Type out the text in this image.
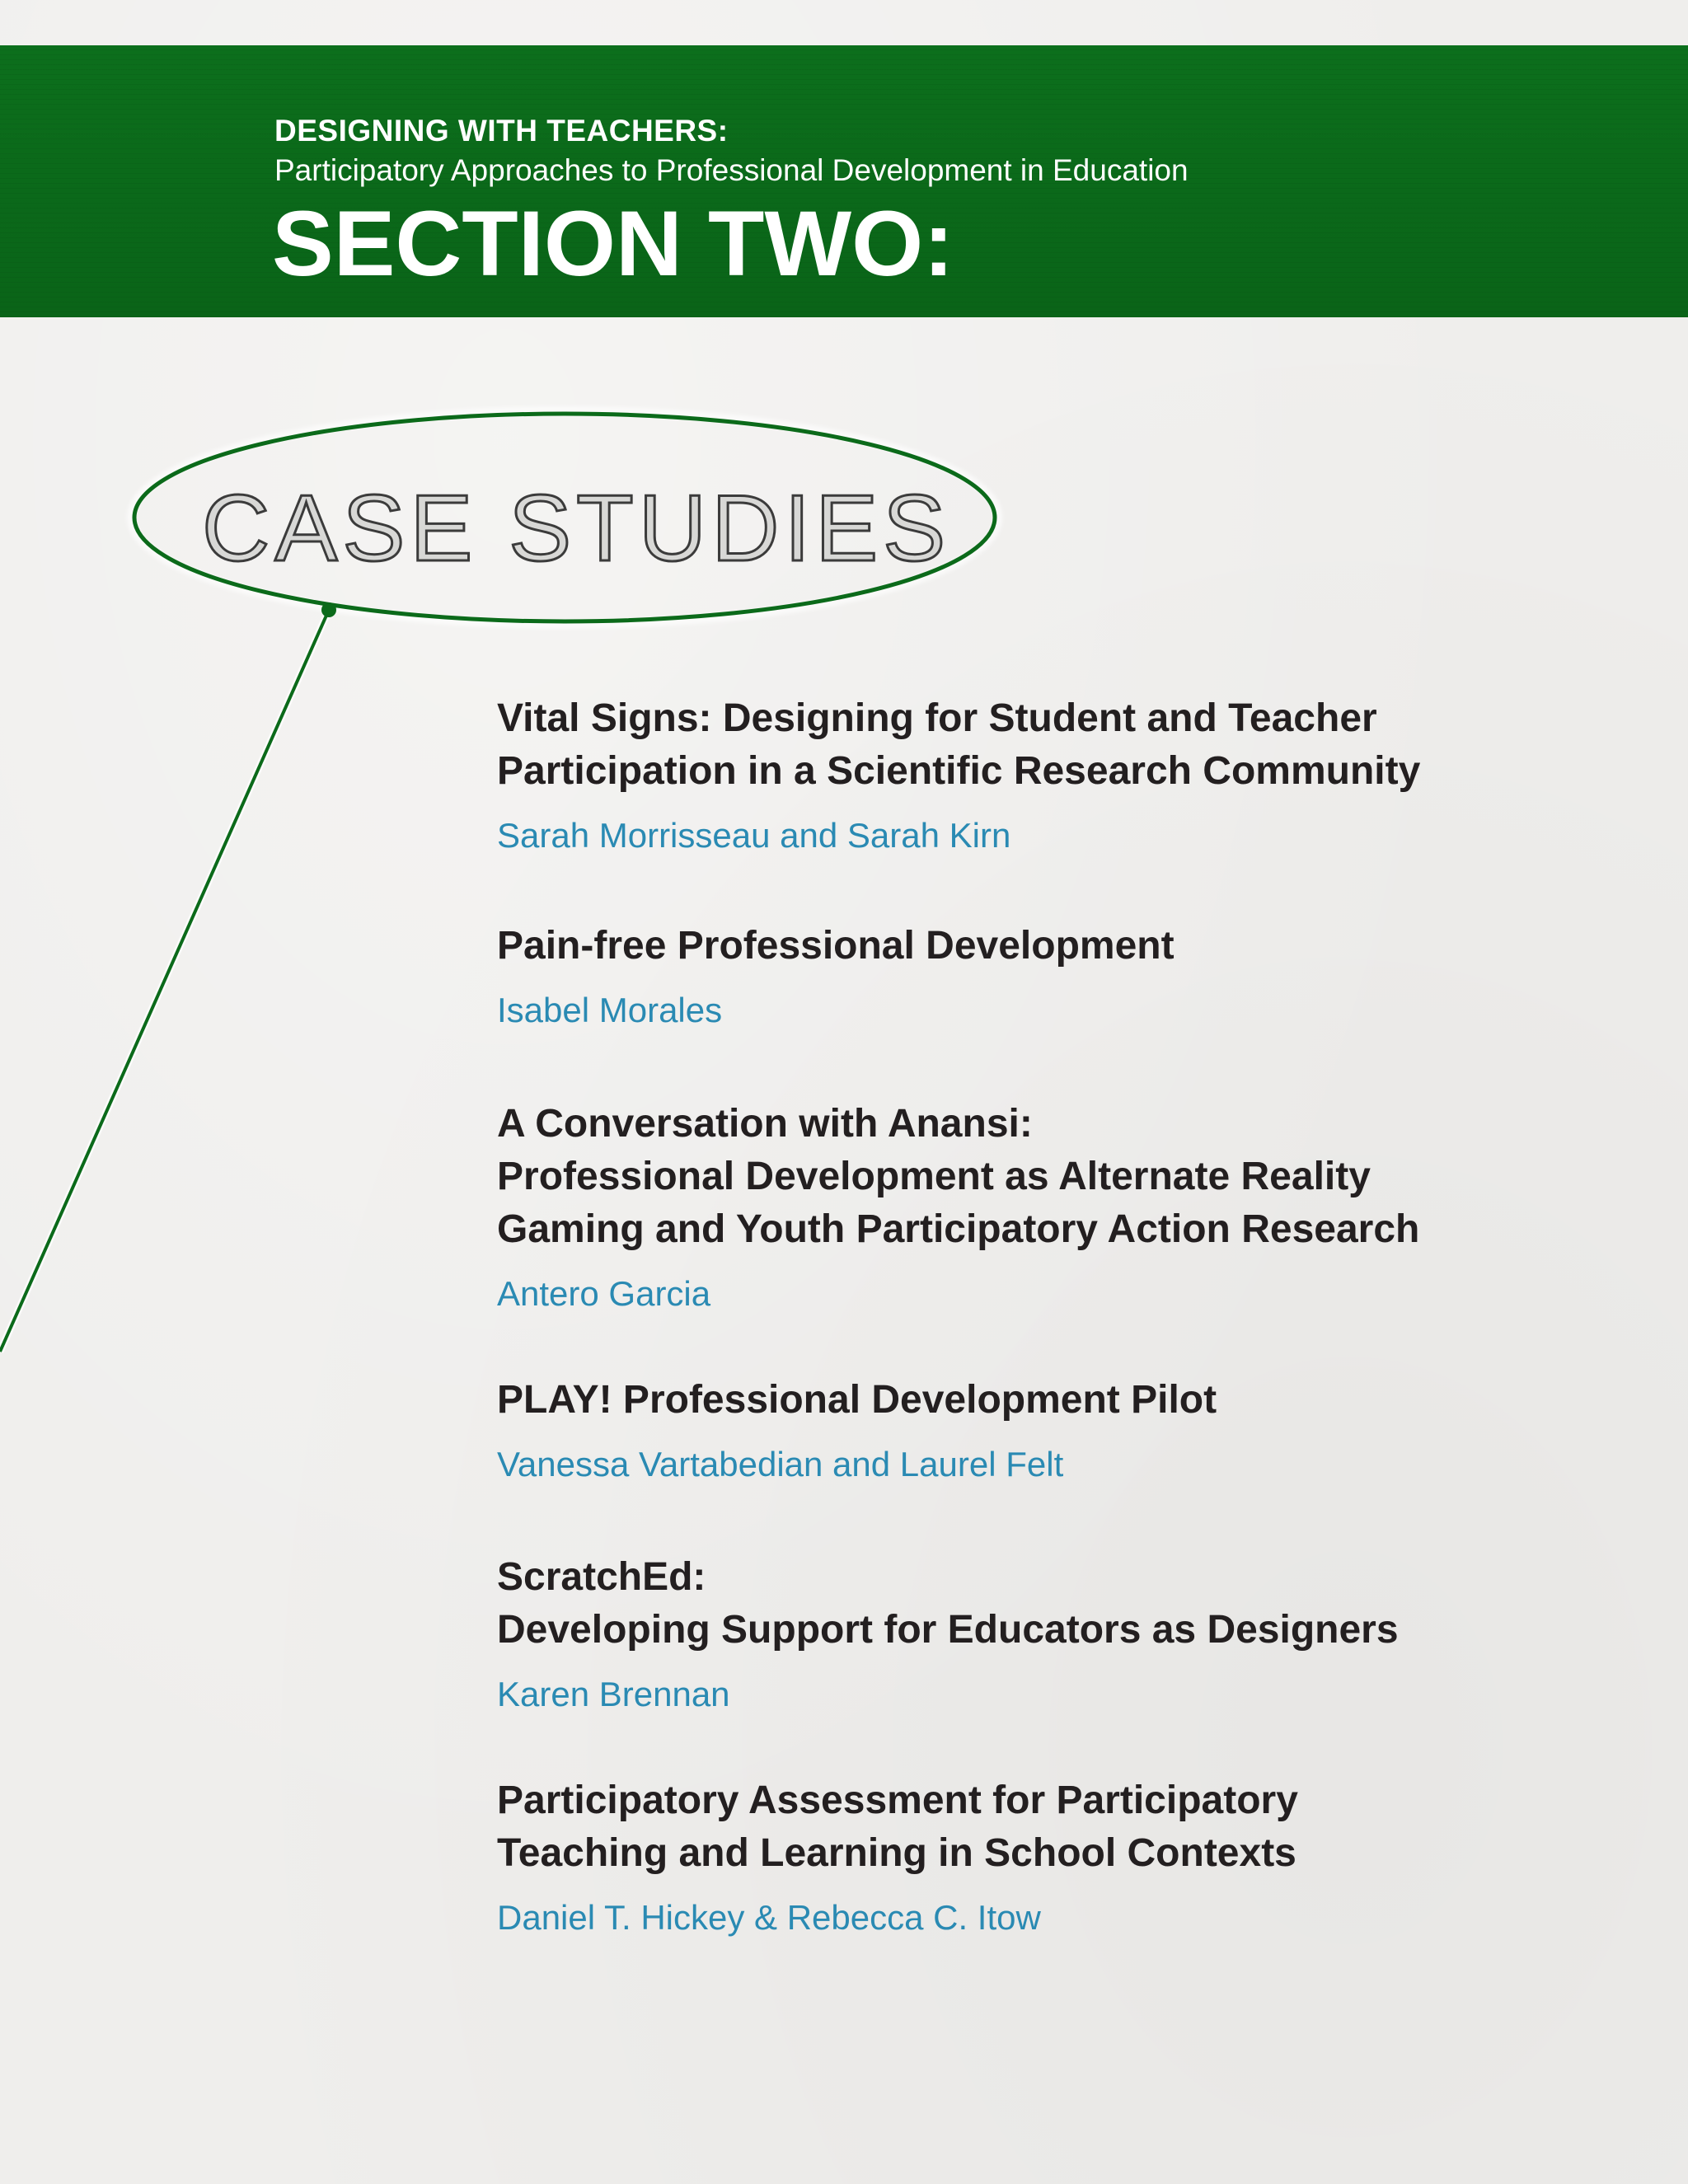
DESIGNING WITH TEACHERS:
Participatory Approaches to Professional Development in Education
SECTION TWO:
CASE STUDIES
Vital Signs: Designing for Student and Teacher
Participation in a Scientific Research Community
Sarah Morrisseau and Sarah Kirn
Pain-free Professional Development
Isabel Morales
A Conversation with Anansi:
Professional Development as Alternate Reality
Gaming and Youth Participatory Action Research
Antero Garcia
PLAY! Professional Development Pilot
Vanessa Vartabedian and Laurel Felt
ScratchEd:
Developing Support for Educators as Designers
Karen Brennan
Participatory Assessment for Participatory
Teaching and Learning in School Contexts
Daniel T. Hickey & Rebecca C. Itow
